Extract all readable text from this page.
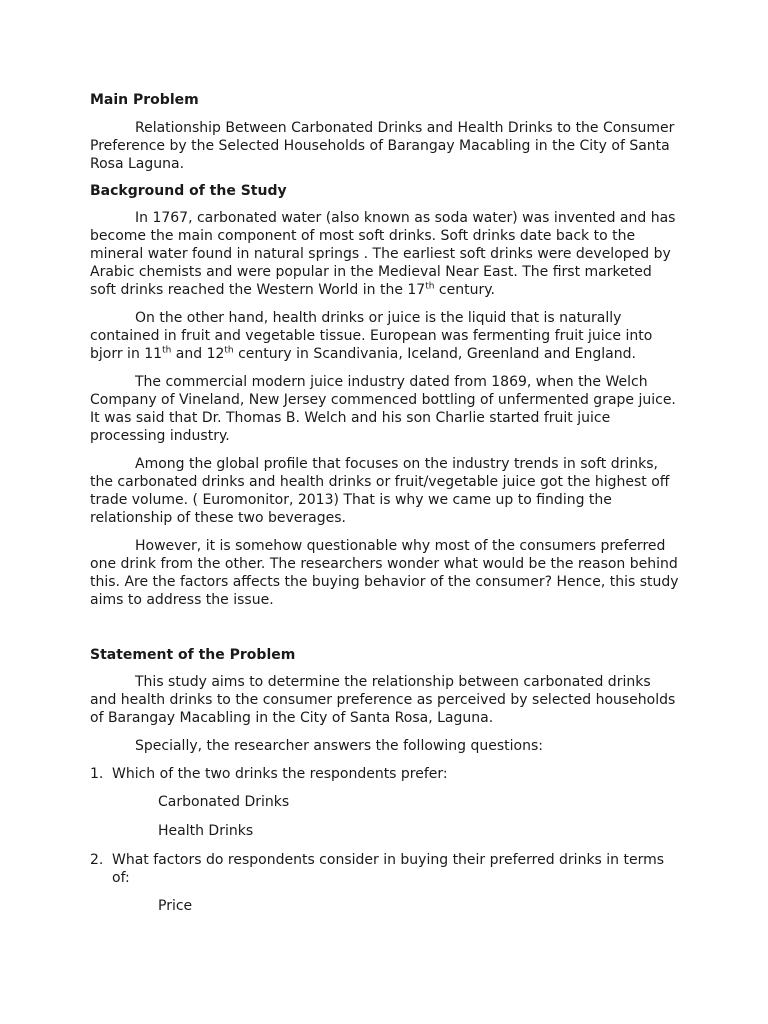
Main Problem

Relationship Between Carbonated Drinks and Health Drinks to the Consumer Preference by the Selected Households of Barangay Macabling in the City of Santa Rosa Laguna.

Background of the Study

In 1767, carbonated water (also known as soda water) was invented and has become the main component of most soft drinks. Soft drinks date back to the mineral water found in natural springs . The earliest soft drinks were developed by Arabic chemists and were popular in the Medieval Near East. The first marketed soft drinks reached the Western World in the 17th century.

On the other hand, health drinks or juice is the liquid that is naturally contained in fruit and vegetable tissue. European was fermenting fruit juice into bjorr in 11th and 12th century in Scandivania, Iceland, Greenland and England.

The commercial modern juice industry dated from 1869, when the Welch Company of Vineland, New Jersey commenced bottling of unfermented grape juice. It was said that Dr. Thomas B. Welch and his son Charlie started fruit juice processing industry.

Among the global profile that focuses on the industry trends in soft drinks, the carbonated drinks and health drinks or fruit/vegetable juice got the highest off trade volume. ( Euromonitor, 2013) That is why we came up to finding the relationship of these two beverages.

However, it is somehow questionable why most of the consumers preferred one drink from the other. The researchers wonder what would be the reason behind this. Are the factors affects the buying behavior of the consumer? Hence, this study aims to address the issue.

Statement of the Problem

This study aims to determine the relationship between carbonated drinks and health drinks to the consumer preference as perceived by selected households of Barangay Macabling in the City of Santa Rosa, Laguna.

Specially, the researcher answers the following questions:

1. Which of the two drinks the respondents prefer:

Carbonated Drinks

Health Drinks

2. What factors do respondents consider in buying their preferred drinks in terms of:

Price
